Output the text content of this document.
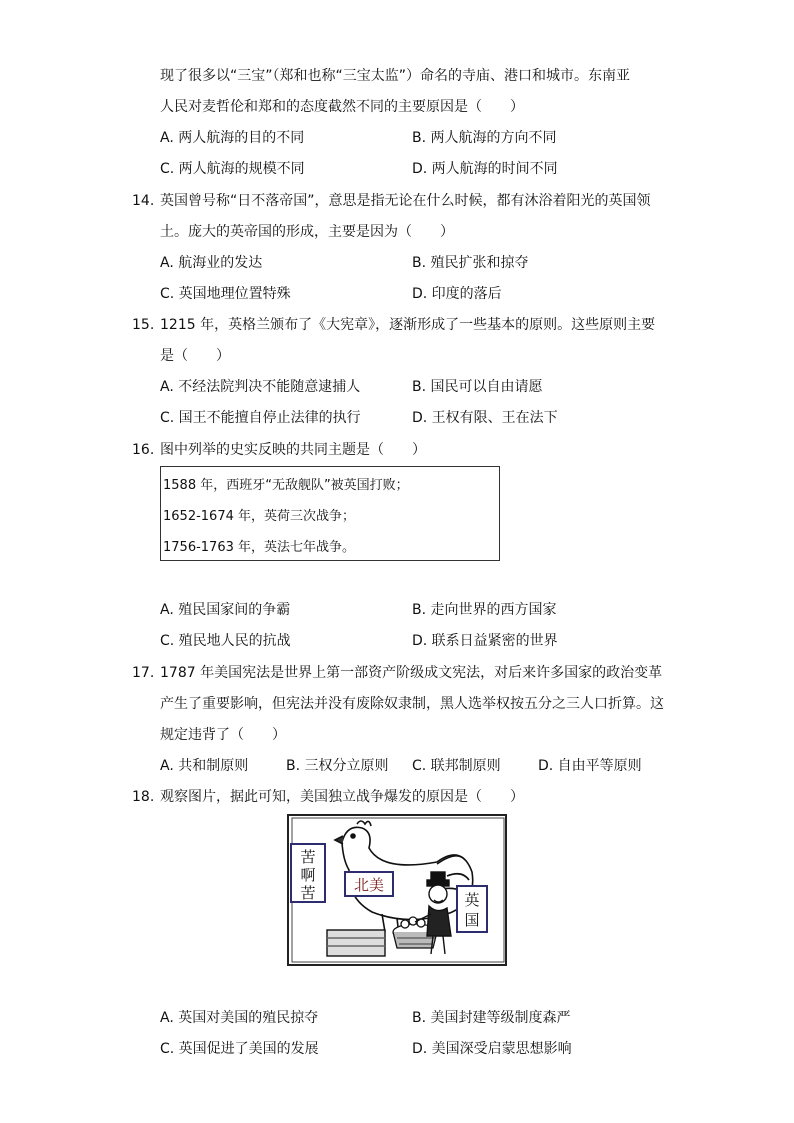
现了很多以“三宝”（郑和也称“三宝太监”）命名的寺庙、港口和城市。东南亚
人民对麦哲伦和郑和的态度截然不同的主要原因是（　　）
A. 两人航海的目的不同	B. 两人航海的方向不同
C. 两人航海的规模不同	D. 两人航海的时间不同
14. 英国曾号称“日不落帝国”，意思是指无论在什么时候，都有沐浴着阳光的英国领
土。庞大的英帝国的形成，主要是因为（　　）
A. 航海业的发达	B. 殖民扩张和掠夺
C. 英国地理位置特殊	D. 印度的落后
15. 1215 年，英格兰颁布了《大宪章》，逐渐形成了一些基本的原则。这些原则主要
是（　　）
A. 不经法院判决不能随意逮捕人	B. 国民可以自由请愿
C. 国王不能擅自停止法律的执行	D. 王权有限、王在法下
16. 图中列举的史实反映的共同主题是（　　）
1588 年，西班牙“无敌舰队”被英国打败；
1652-1674 年，英荷三次战争；
1756-1763 年，英法七年战争。
A. 殖民国家间的争霸	B. 走向世界的西方国家
C. 殖民地人民的抗战	D. 联系日益紧密的世界
17. 1787 年美国宪法是世界上第一部资产阶级成文宪法，对后来许多国家的政治变革
产生了重要影响，但宪法并没有废除奴隶制，黑人选举权按五分之三人口折算。这
规定违背了（　　）
A. 共和制原则	B. 三权分立原则 C. 联邦制原则	D. 自由平等原则
18. 观察图片，据此可知，美国独立战争爆发的原因是（　　）
苦
啊
苦	北美
英
国
A. 英国对美国的殖民掠夺	B. 美国封建等级制度森严
C. 英国促进了美国的发展	D. 美国深受启蒙思想影响
